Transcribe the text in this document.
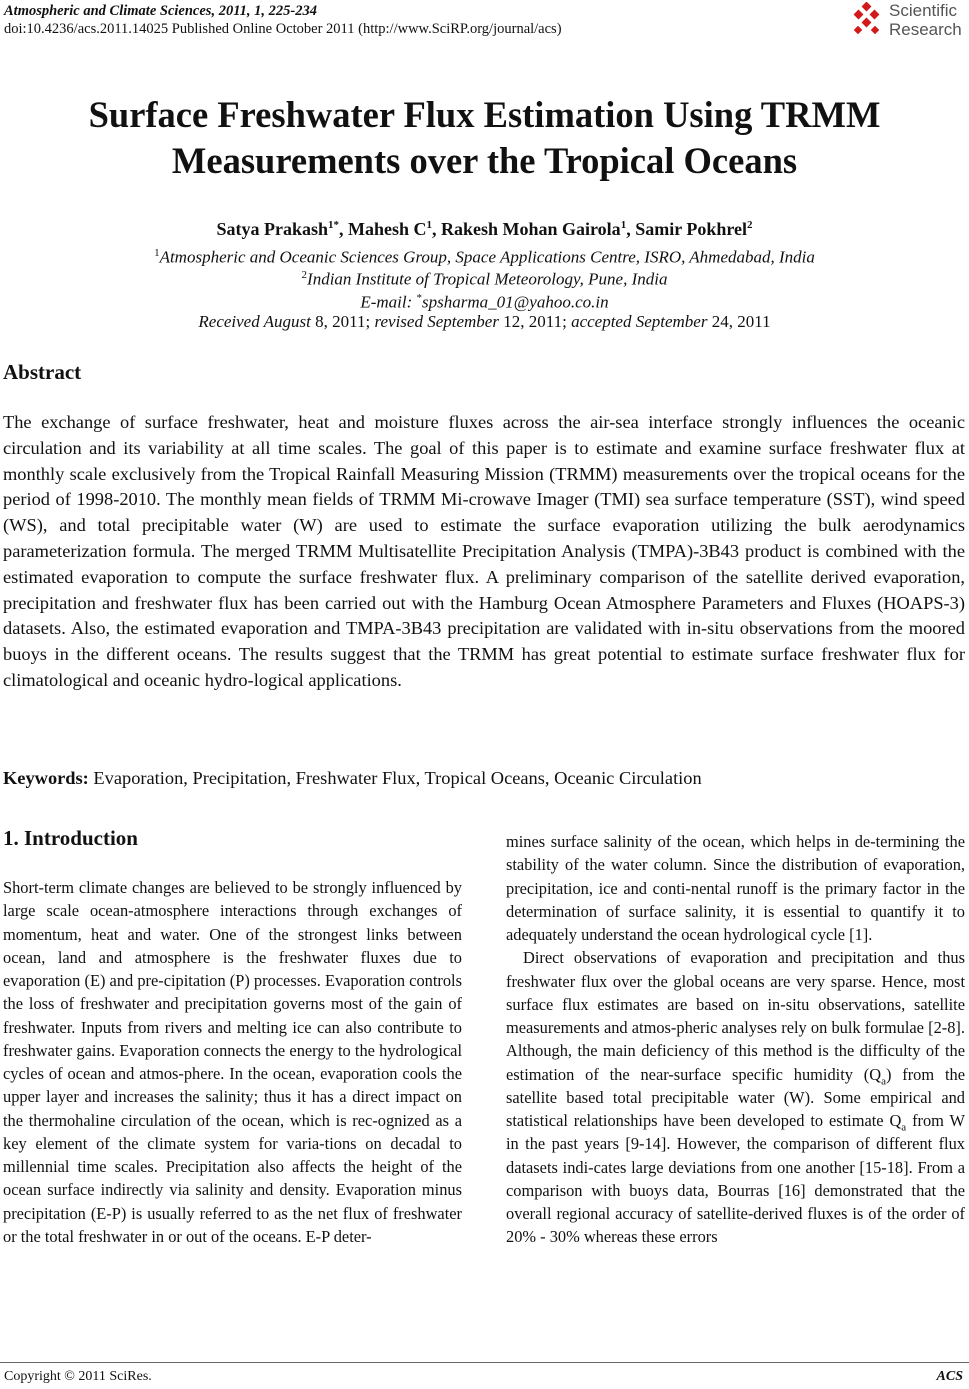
Atmospheric and Climate Sciences, 2011, 1, 225-234
doi:10.4236/acs.2011.14025 Published Online October 2011 (http://www.SciRP.org/journal/acs)
Scientific
Research
Surface Freshwater Flux Estimation Using TRMM
Measurements over the Tropical Oceans
Satya Prakash$^{1*}$, Mahesh $C^1$, Rakesh Mohan Gairola$^1$, Samir Pokhrel$^2$
$^1$Atmospheric and Oceanic Sciences Group, Space Applications Centre, ISRO, Ahmedabad, India
$^2$Indian Institute of Tropical Meteorology, Pune, India
E-mail: *spsharma_01@yahoo.co.in
Received August 8, 2011; revised September 12, 2011; accepted September 24, 2011
Abstract
The exchange of surface freshwater, heat and moisture fluxes across the air-sea interface strongly influences the oceanic circulation and its variability at all time scales. The goal of this paper is to estimate and examine surface freshwater flux at monthly scale exclusively from the Tropical Rainfall Measuring Mission (TRMM) measurements over the tropical oceans for the period of 1998-2010. The monthly mean fields of TRMM Mi-crowave Imager (TMI) sea surface temperature (SST), wind speed (WS), and total precipitable water (W) are used to estimate the surface evaporation utilizing the bulk aerodynamics parameterization formula. The merged TRMM Multisatellite Precipitation Analysis (TMPA)-3B43 product is combined with the estimated evaporation to compute the surface freshwater flux. A preliminary comparison of the satellite derived evaporation, precipitation and freshwater flux has been carried out with the Hamburg Ocean Atmosphere Parameters and Fluxes (HOAPS-3) datasets. Also, the estimated evaporation and TMPA-3B43 precipitation are validated with in-situ observations from the moored buoys in the different oceans. The results suggest that the TRMM has great potential to estimate surface freshwater flux for climatological and oceanic hydro-logical applications.
Keywords: Evaporation, Precipitation, Freshwater Flux, Tropical Oceans, Oceanic Circulation
1. Introduction

Short-term climate changes are believed to be strongly influenced by large scale ocean-atmosphere interactions through exchanges of momentum, heat and water. One of the strongest links between ocean, land and atmosphere is the freshwater fluxes due to evaporation (E) and pre-cipitation (P) processes. Evaporation controls the loss of freshwater and precipitation governs most of the gain of freshwater. Inputs from rivers and melting ice can also contribute to freshwater gains. Evaporation connects the energy to the hydrological cycles of ocean and atmos-phere. In the ocean, evaporation cools the upper layer and increases the salinity; thus it has a direct impact on the thermohaline circulation of the ocean, which is rec-ognized as a key element of the climate system for varia-tions on decadal to millennial time scales. Precipitation also affects the height of the ocean surface indirectly via salinity and density. Evaporation minus precipitation (E-P) is usually referred to as the net flux of freshwater or the total freshwater in or out of the oceans. E-P deter-

mines surface salinity of the ocean, which helps in de-termining the stability of the water column. Since the distribution of evaporation, precipitation, ice and conti-nental runoff is the primary factor in the determination of surface salinity, it is essential to quantify it to adequately understand the ocean hydrological cycle [1].

Direct observations of evaporation and precipitation and thus freshwater flux over the global oceans are very sparse. Hence, most surface flux estimates are based on in-situ observations, satellite measurements and atmos-pheric analyses rely on bulk formulae [2-8]. Although, the main deficiency of this method is the difficulty of the estimation of the near-surface specific humidity $(Q_a)$ from the satellite based total precipitable water (W). Some empirical and statistical relationships have been developed to estimate $Q_a$ from W in the past years [9-14]. However, the comparison of different flux datasets indi-cates large deviations from one another [15-18]. From a comparison with buoys data, Bourras [16] demonstrated that the overall regional accuracy of satellite-derived fluxes is of the order of 20% - 30% whereas these errors

Copyright © 2011 SciRes.	ACS
